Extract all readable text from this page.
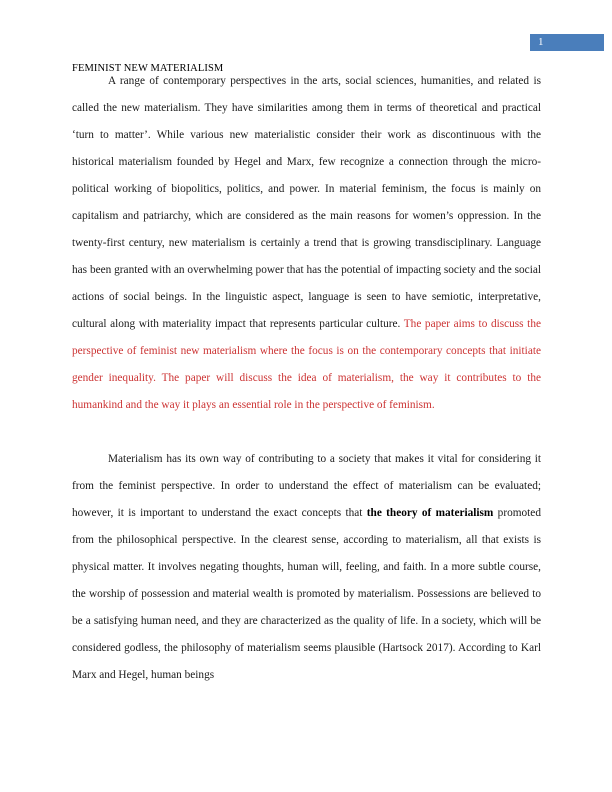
1
FEMINIST NEW MATERIALISM

A range of contemporary perspectives in the arts, social sciences, humanities, and related is called the new materialism. They have similarities among them in terms of theoretical and practical ‘turn to matter’. While various new materialistic consider their work as discontinuous with the historical materialism founded by Hegel and Marx, few recognize a connection through the micro-political working of biopolitics, politics, and power. In material feminism, the focus is mainly on capitalism and patriarchy, which are considered as the main reasons for women’s oppression. In the twenty-first century, new materialism is certainly a trend that is growing transdisciplinary. Language has been granted with an overwhelming power that has the potential of impacting society and the social actions of social beings. In the linguistic aspect, language is seen to have semiotic, interpretative, cultural along with materiality impact that represents particular culture. The paper aims to discuss the perspective of feminist new materialism where the focus is on the contemporary concepts that initiate gender inequality. The paper will discuss the idea of materialism, the way it contributes to the humankind and the way it plays an essential role in the perspective of feminism.

Materialism has its own way of contributing to a society that makes it vital for considering it from the feminist perspective. In order to understand the effect of materialism can be evaluated; however, it is important to understand the exact concepts that the theory of materialism promoted from the philosophical perspective. In the clearest sense, according to materialism, all that exists is physical matter. It involves negating thoughts, human will, feeling, and faith. In a more subtle course, the worship of possession and material wealth is promoted by materialism. Possessions are believed to be a satisfying human need, and they are characterized as the quality of life. In a society, which will be considered godless, the philosophy of materialism seems plausible (Hartsock 2017). According to Karl Marx and Hegel, human beings
